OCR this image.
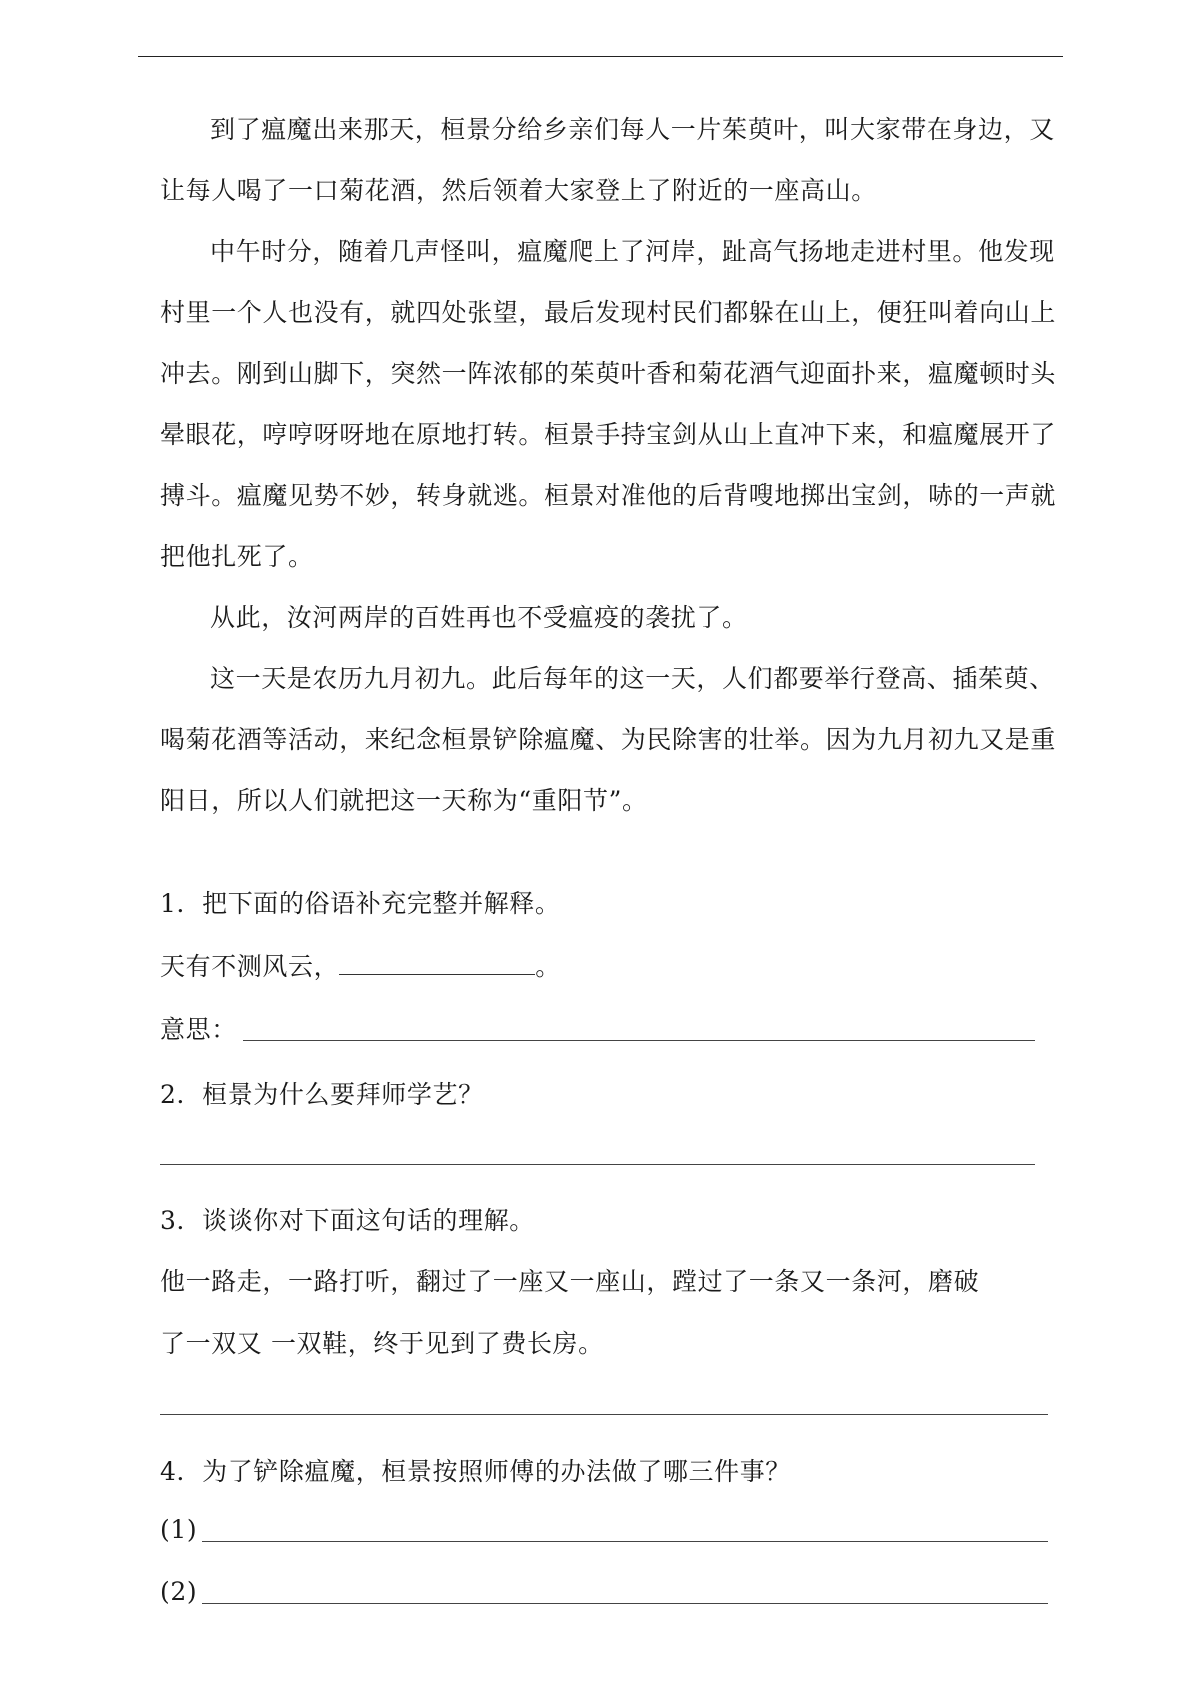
到了瘟魔出来那天，桓景分给乡亲们每人一片茱萸叶，叫大家带在身边，又让每人喝了一口菊花酒，然后领着大家登上了附近的一座高山。

中午时分，随着几声怪叫，瘟魔爬上了河岸，趾高气扬地走进村里。他发现村里一个人也没有，就四处张望，最后发现村民们都躲在山上，便狂叫着向山上冲去。刚到山脚下，突然一阵浓郁的茱萸叶香和菊花酒气迎面扑来，瘟魔顿时头晕眼花，哼哼呀呀地在原地打转。桓景手持宝剑从山上直冲下来，和瘟魔展开了搏斗。瘟魔见势不妙，转身就逃。桓景对准他的后背嗖地掷出宝剑，哧的一声就把他扎死了。

从此，汝河两岸的百姓再也不受瘟疫的袭扰了。

这一天是农历九月初九。此后每年的这一天，人们都要举行登高、插茱萸、喝菊花酒等活动，来纪念桓景铲除瘟魔、为民除害的壮举。因为九月初九又是重阳日，所以人们就把这一天称为“重阳节”。

1．把下面的俗语补充完整并解释。
天有不测风云，	。
意思：
2．桓景为什么要拜师学艺？
3．谈谈你对下面这句话的理解。
他一路走，一路打听，翻过了一座又一座山，蹚过了一条又一条河，磨破
了一双又 一双鞋，终于见到了费长房。
4．为了铲除瘟魔，桓景按照师傅的办法做了哪三件事？
(1)
(2)
